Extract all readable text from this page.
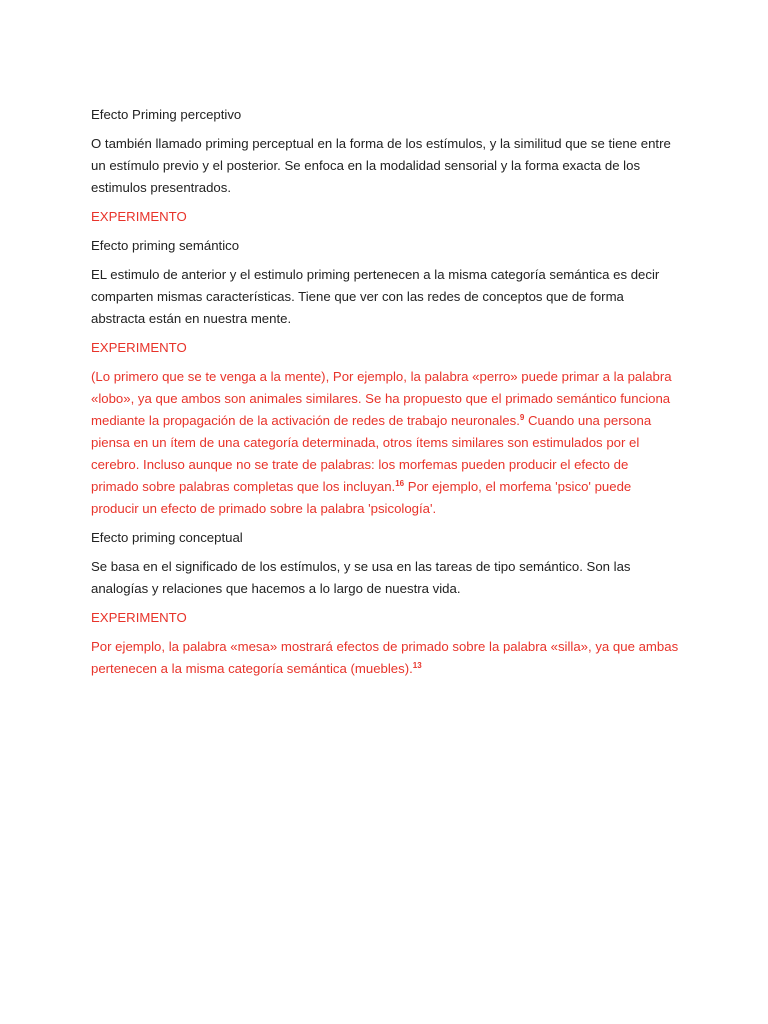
Efecto Priming perceptivo
O también llamado priming perceptual en la forma de los estímulos, y la similitud que se tiene entre
un estímulo previo y el posterior. Se enfoca en la modalidad sensorial y la forma exacta de los
estimulos presentrados.
EXPERIMENTO
Efecto priming semántico
EL estimulo de anterior y el estimulo priming pertenecen a la misma categoría semántica es decir
comparten mismas características. Tiene que ver con las redes de conceptos que de forma
abstracta están en nuestra mente.
EXPERIMENTO
(Lo primero que se te venga a la mente), Por ejemplo, la palabra «perro» puede primar a la palabra
«lobo», ya que ambos son animales similares. Se ha propuesto que el primado semántico funciona
mediante la propagación de la activación de redes de trabajo neuronales.$^9$ Cuando una persona
piensa en un ítem de una categoría determinada, otros ítems similares son estimulados por el
cerebro. Incluso aunque no se trate de palabras: los morfemas pueden producir el efecto de
primado sobre palabras completas que los incluyan.$^{16}$ Por ejemplo, el morfema 'psico' puede
producir un efecto de primado sobre la palabra 'psicología'.
Efecto priming conceptual
Se basa en el significado de los estímulos, y se usa en las tareas de tipo semántico. Son las
analogías y relaciones que hacemos a lo largo de nuestra vida.
EXPERIMENTO
Por ejemplo, la palabra «mesa» mostrará efectos de primado sobre la palabra «silla», ya que ambas
pertenecen a la misma categoría semántica (muebles).$^{13}$
